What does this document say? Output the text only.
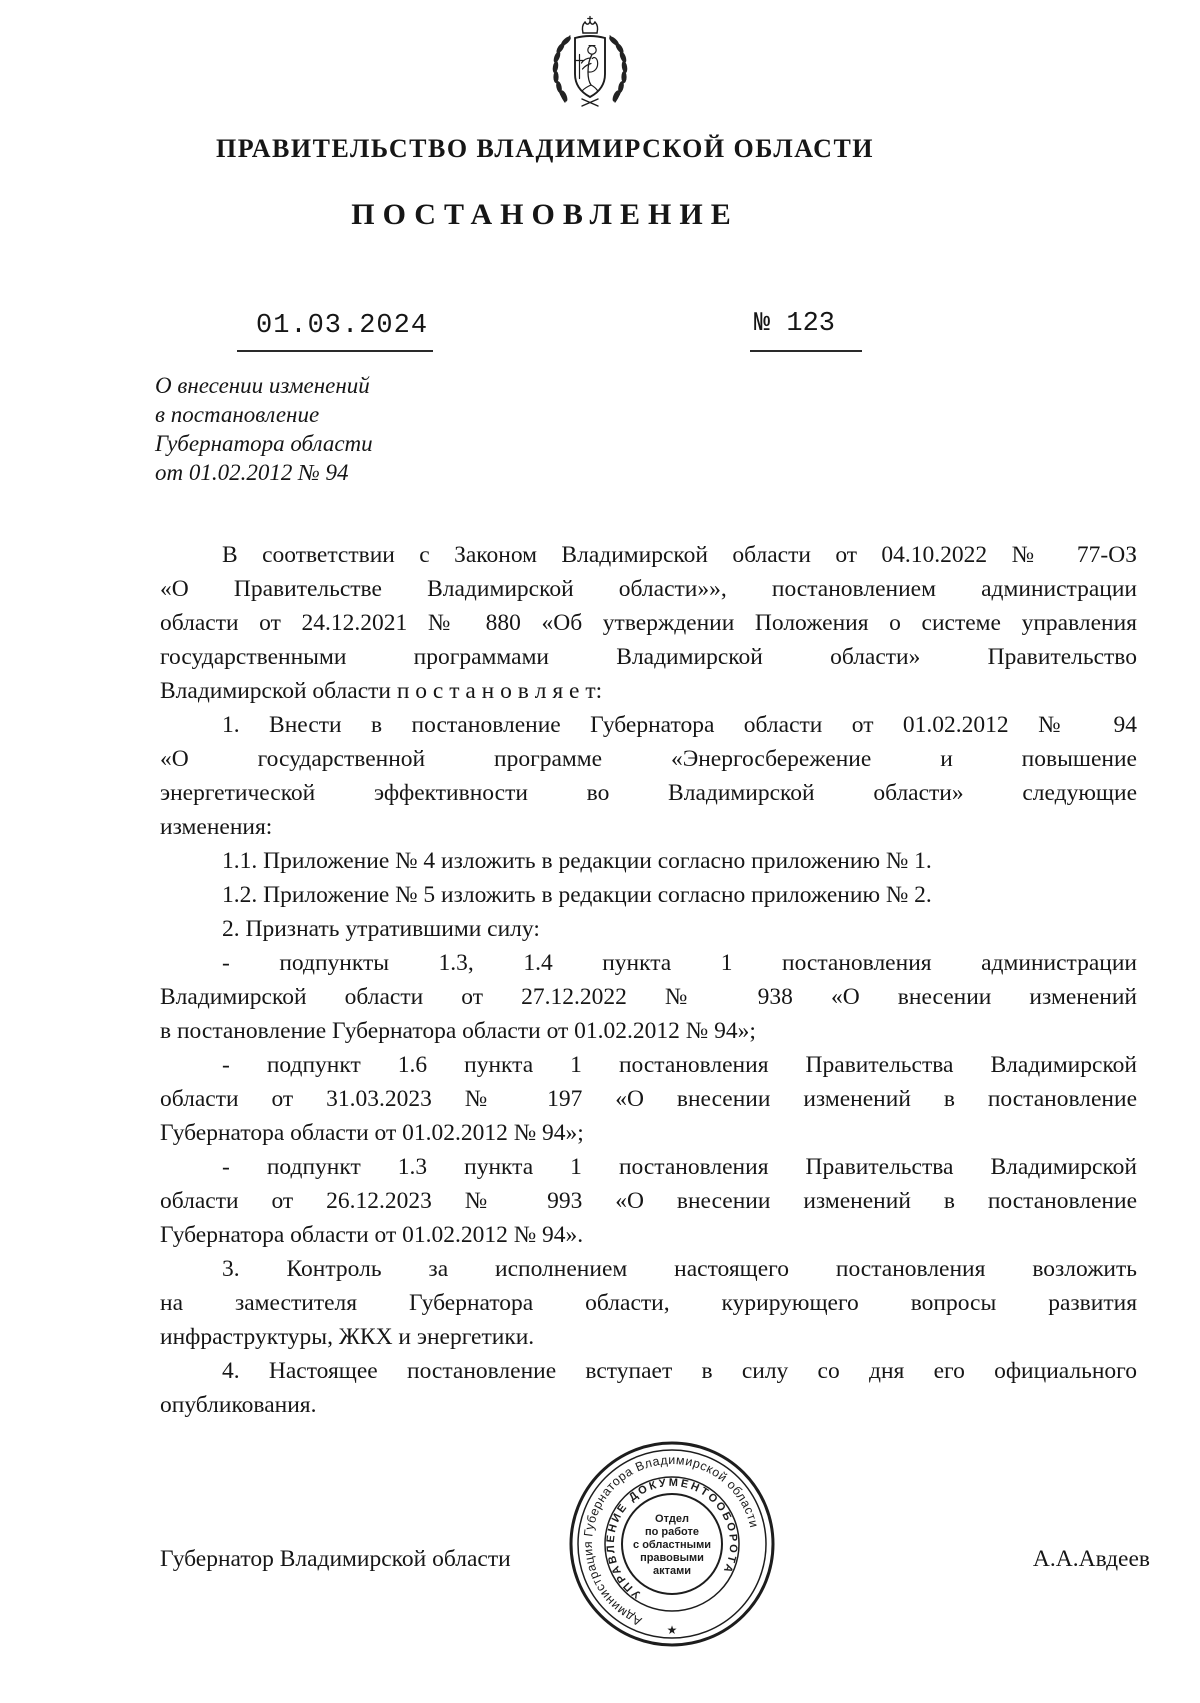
ПРАВИТЕЛЬСТВО ВЛАДИМИРСКОЙ ОБЛАСТИ
ПОСТАНОВЛЕНИЕ
01.03.2024	№ 123
О внесении изменений
в постановление
Губернатора области
от 01.02.2012 № 94
В соответствии с Законом Владимирской области от 04.10.2022 № 77-ОЗ
«О Правительстве Владимирской области»», постановлением администрации
области от 24.12.2021 № 880 «Об утверждении Положения о системе управления
государственными программами Владимирской области» Правительство
Владимирской области п о с т а н о в л я е т:
1. Внести в постановление Губернатора области от 01.02.2012 № 94
«О государственной программе «Энергосбережение и повышение
энергетической эффективности во Владимирской области» следующие
изменения:
1.1. Приложение № 4 изложить в редакции согласно приложению № 1.
1.2. Приложение № 5 изложить в редакции согласно приложению № 2.
2. Признать утратившими силу:
- подпункты 1.3, 1.4 пункта 1 постановления администрации
Владимирской области от 27.12.2022 № 938 «О внесении изменений
в постановление Губернатора области от 01.02.2012 № 94»;
- подпункт 1.6 пункта 1 постановления Правительства Владимирской
области от 31.03.2023 № 197 «О внесении изменений в постановление
Губернатора области от 01.02.2012 № 94»;
- подпункт 1.3 пункта 1 постановления Правительства Владимирской
области от 26.12.2023 № 993 «О внесении изменений в постановление
Губернатора области от 01.02.2012 № 94».
3. Контроль за исполнением настоящего постановления возложить
на заместителя Губернатора области, курирующего вопросы развития
инфраструктуры, ЖКХ и энергетики.
4. Настоящее постановление вступает в силу со дня его официального
опубликования.
Губернатор Владимирской области	А.А.Авдеев
Администрация Губернатора Владимирской области
УПРАВЛЕНИЕ ДОКУМЕНТООБОРОТА
★
Отдел
по работе
с областными
правовыми
актами
